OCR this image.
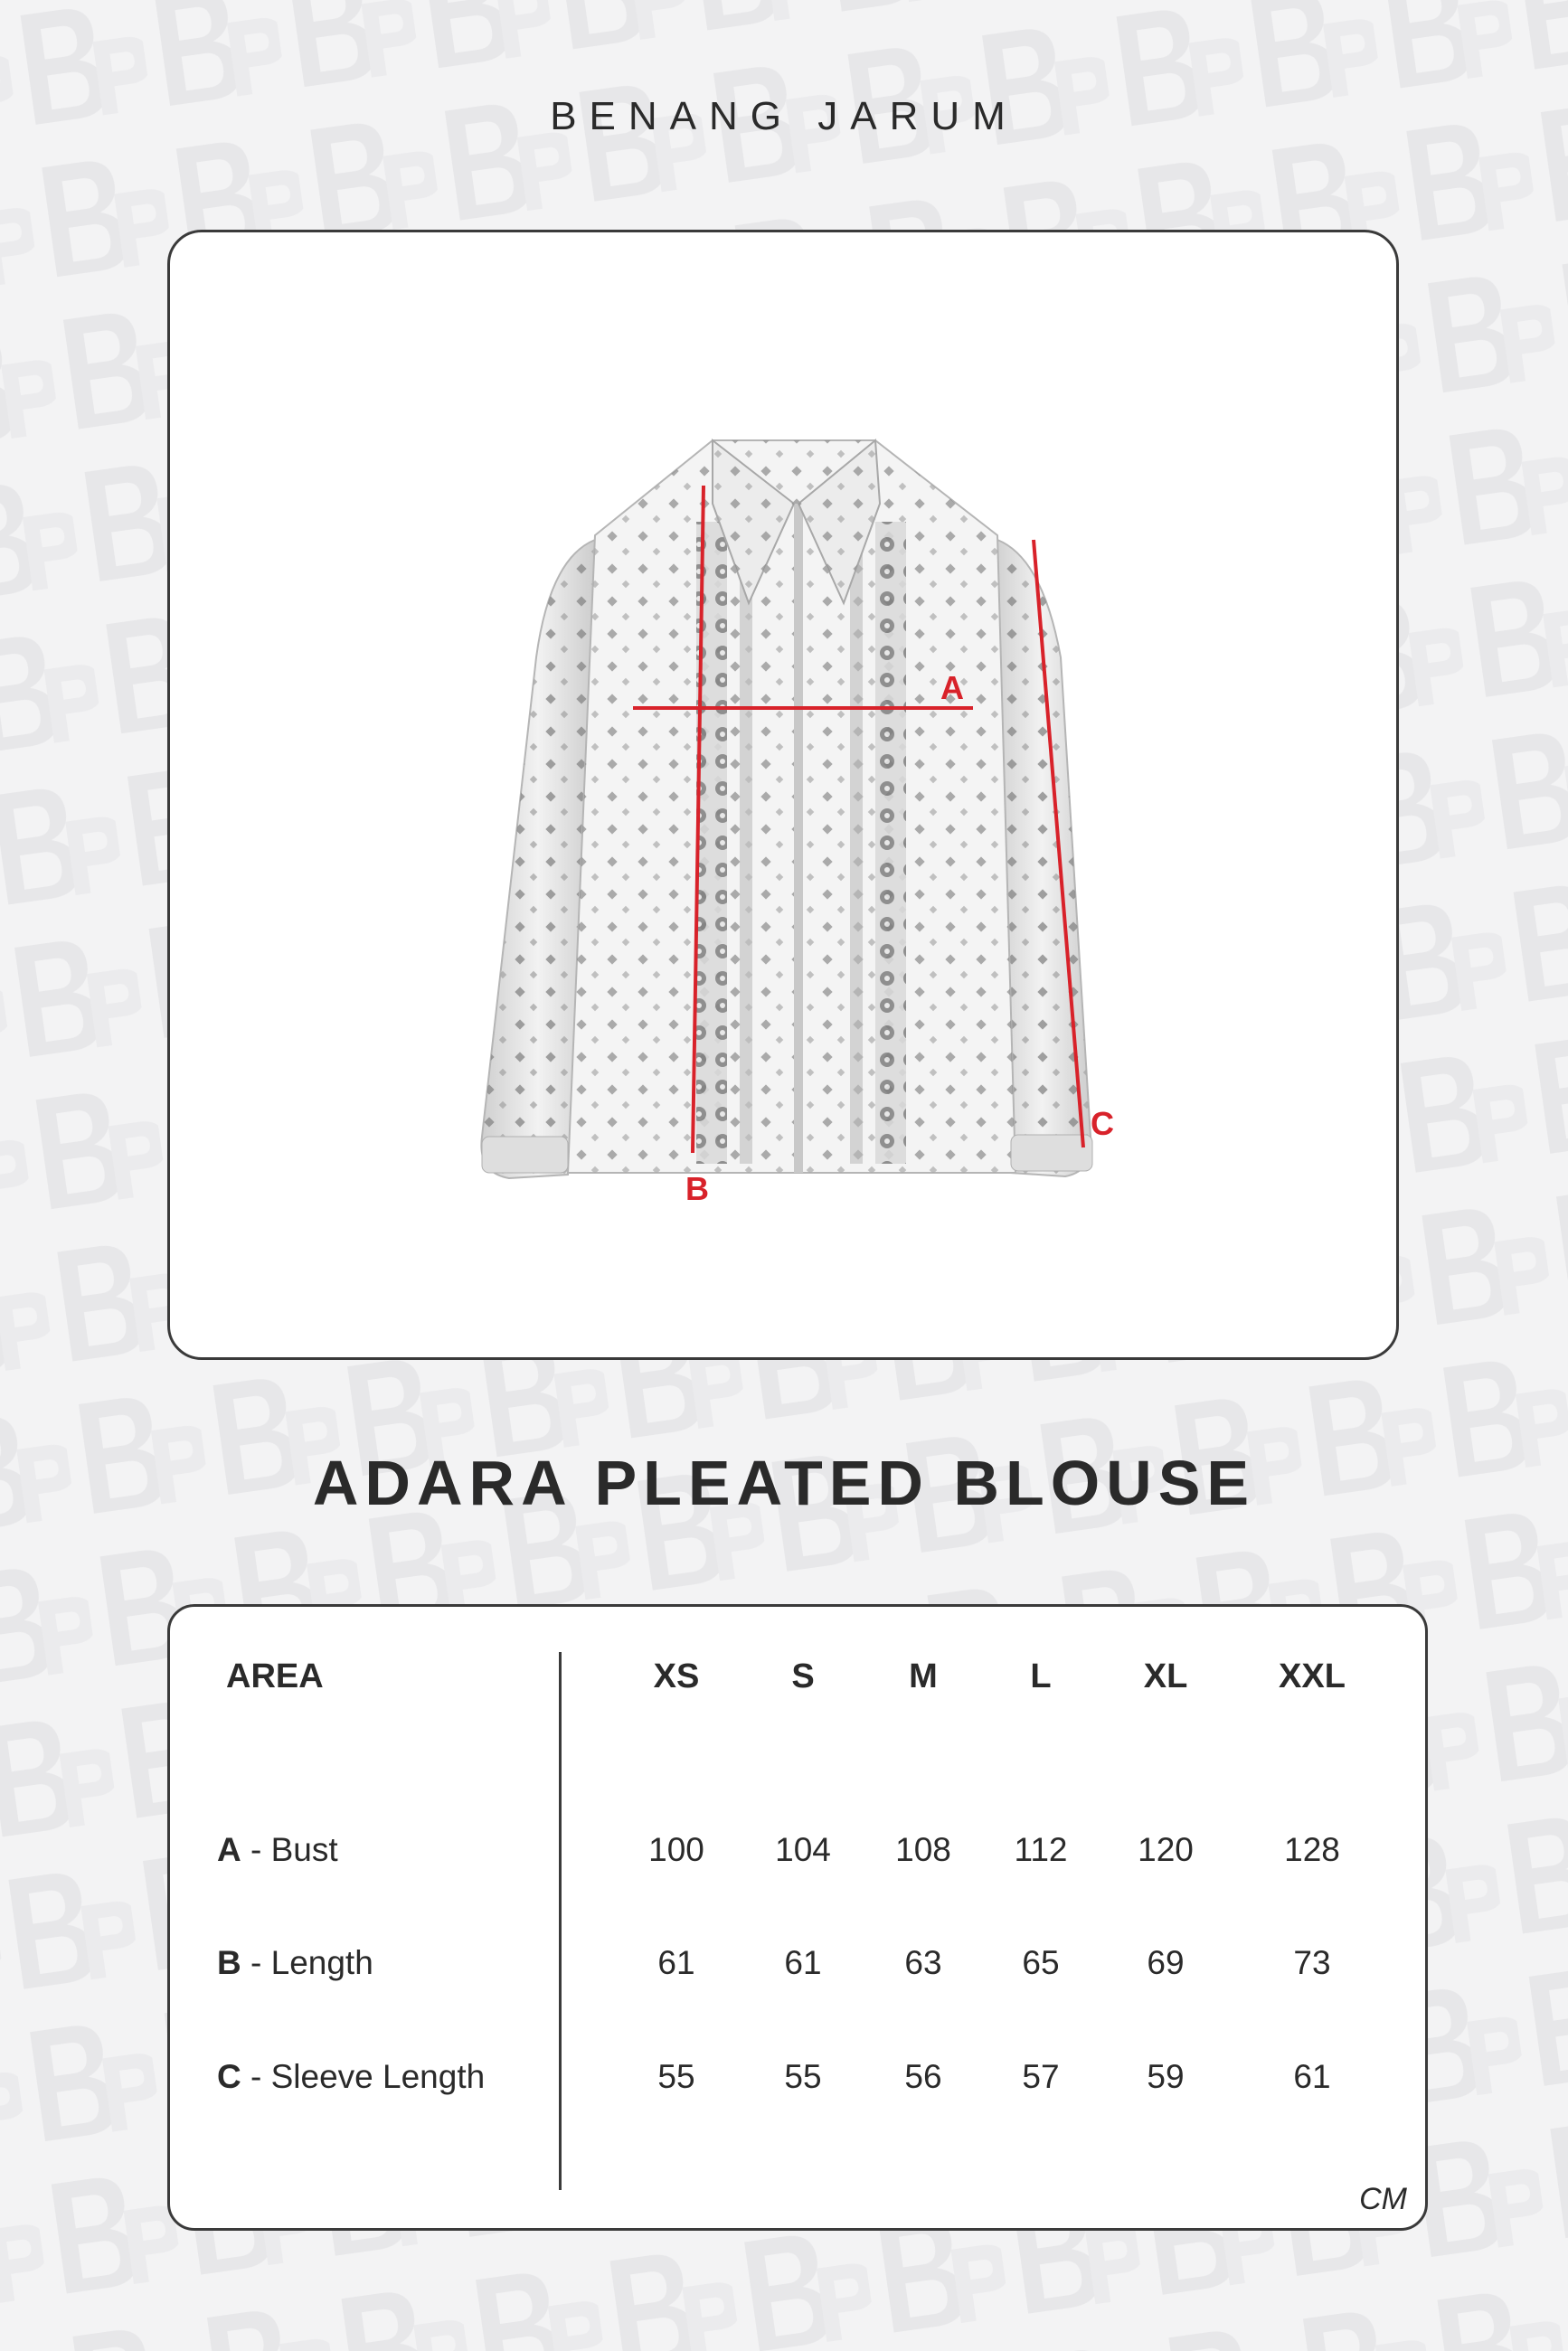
BENANG JARUM
A
B
C
ADARA PLEATED BLOUSE
AREA	XS	S	M	L	XL	XXL
A - Bust	100	104	108	112	120	128
B - Length	61	61	63	65	69	73
C - Sleeve Length	55	55	56	57	59	61
CM
